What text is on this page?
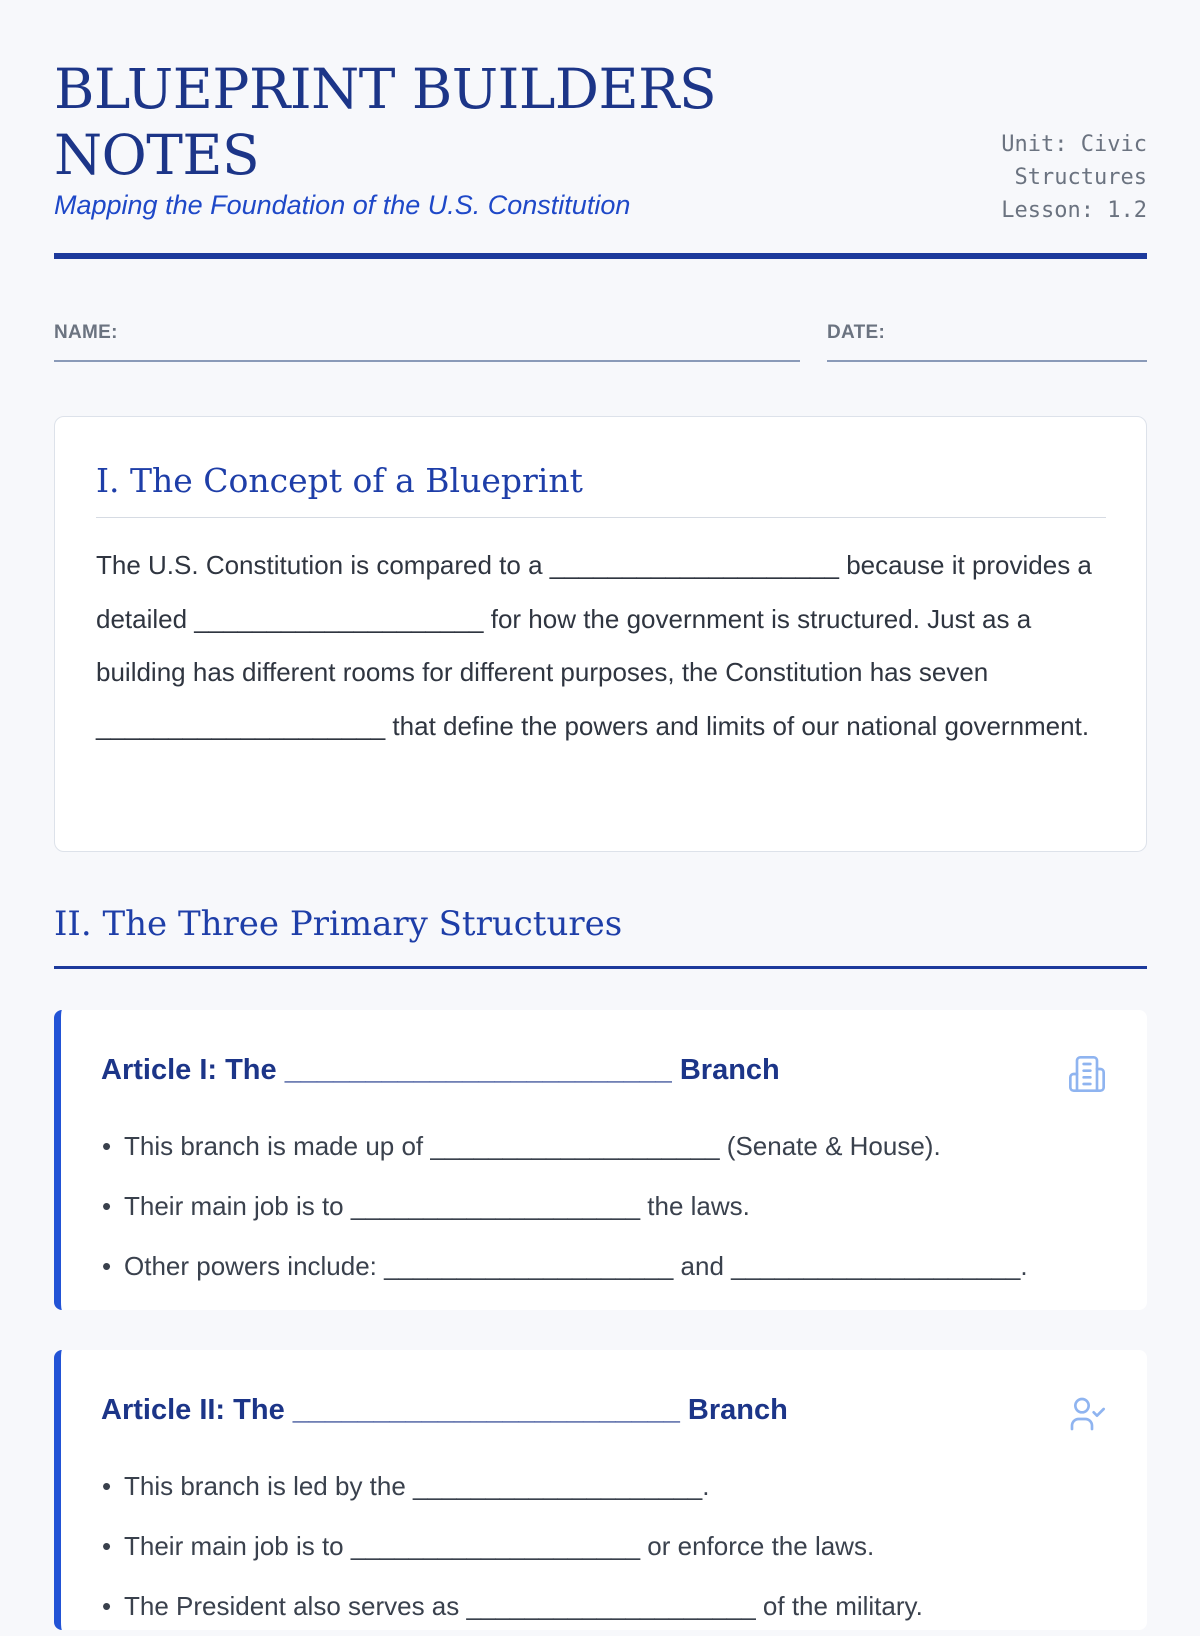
BLUEPRINT BUILDERS NOTES
Mapping the Foundation of the U.S. Constitution
Unit: Civic Structures
Lesson: 1.2
NAME:	DATE:
I. The Concept of a Blueprint

The U.S. Constitution is compared to a ____________________ because it provides a detailed ____________________ for how the government is structured. Just as a building has different rooms for different purposes, the Constitution has seven ____________________ that define the powers and limits of our national government.

II. The Three Primary Structures
Article I: The ________________________ Branch
• This branch is made up of ____________________ (Senate & House).
• Their main job is to ____________________ the laws.
• Other powers include: ____________________ and ____________________.
Article II: The ________________________ Branch
• This branch is led by the ____________________.
• Their main job is to ____________________ or enforce the laws.
• The President also serves as ____________________ of the military.
